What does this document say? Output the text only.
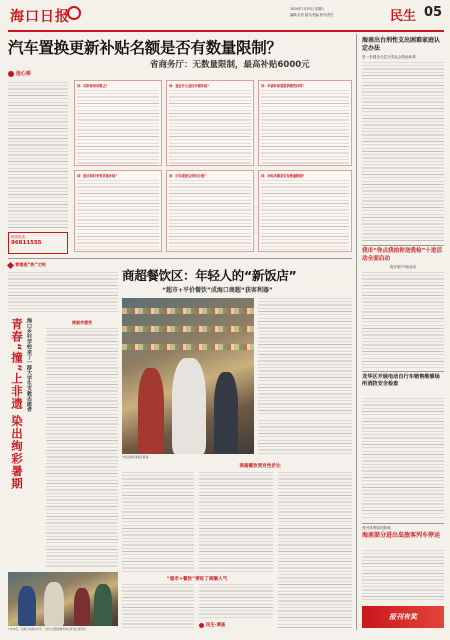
海口日报	2024年7月20日 星期六
编辑/记者 版式/美编 校对/责任	民生 05
汽车置换更新补贴名额是否有数量限制？
省商务厅：无数量限制，最高补贴6000元
连心桥
热线电话
96811555
问：同补贴何时截止？	问：通过什么途径申请补贴？	问：申请补贴需提供哪些材料？
问：能否同时享受其他补贴？	问：旧车报废后何时办理？	问：补贴名额是否有数量限制？
海南出台刑性支出困难家庭认定办法
进一步健全分层分类社会救助体系
我市“你点我拍你送我检”十进活动全面启动
将开展77场活动
龙华区开展电动自行车销售维修场所消防安全检查
受台风等原因影响
海南部分进出岛旅客列车停运
报刊有奖
青春逐“热”文明
青春“撞”上非遗 染出绚彩暑期 海口乡村学校来了一群大学生支教志愿者	探索并感受
7月24日，在海口市演丰中学，大学生志愿者教同学们进行扎染创作。
商超餐饮区：年轻人的“新饭店”
“超市+平价餐饮”成海口商超“获客利器”
市民在超市餐饮区就餐。
商超餐饮更有性价比
“超市+餐饮”带旺了商圈人气
民生·调查
